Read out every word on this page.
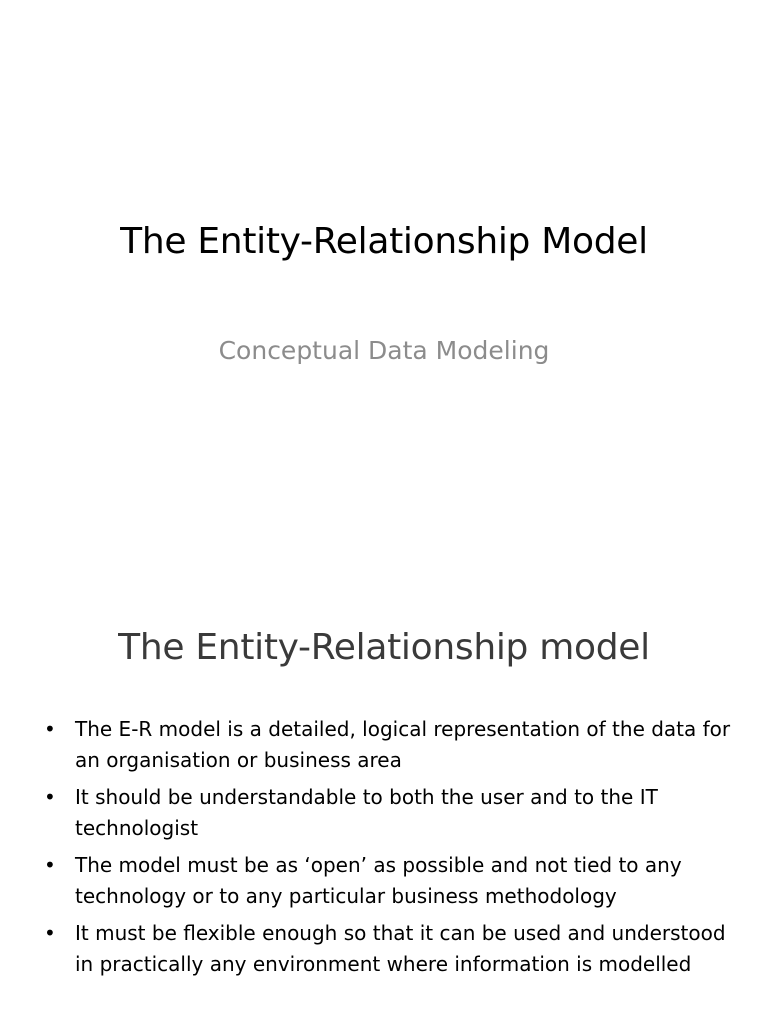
The Entity-Relationship Model
Conceptual Data Modeling
The Entity-Relationship model
• The E-R model is a detailed, logical representation of the data for an organisation or business area
• It should be understandable to both the user and to the IT technologist
• The model must be as ‘open’ as possible and not tied to any technology or to any particular business methodology
• It must be flexible enough so that it can be used and understood in practically any environment where information is modelled
